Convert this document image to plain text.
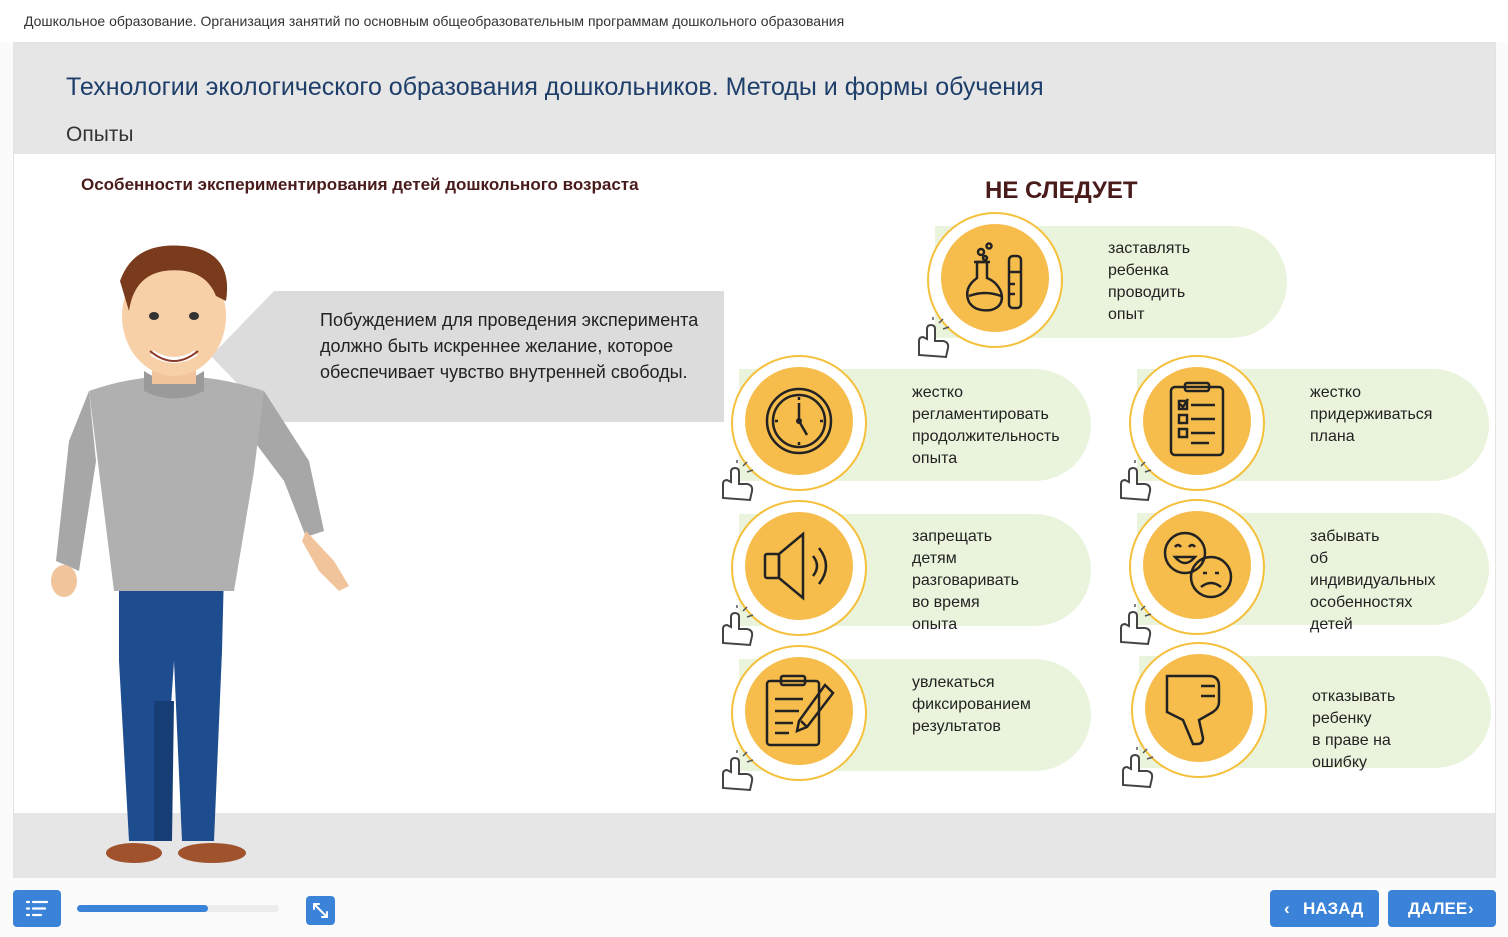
Дошкольное образование. Организация занятий по основным общеобразовательным программам дошкольного образования
Технологии экологического образования дошкольников. Методы и формы обучения
Опыты
Особенности экспериментирования детей дошкольного возраста
Побуждением для проведения эксперимента должно быть искреннее желание, которое обеспечивает чувство внутренней свободы.
НЕ СЛЕДУЕТ
заставлять
ребенка
проводить
опыт
жестко
регламентировать
продолжительность
опыта
жестко
придерживаться
плана
запрещать детям
разговаривать
во время опыта
забывать
об индивидуальных
особенностях
детей
увлекаться
фиксированием
результатов
отказывать ребенку
в праве на ошибку
‹ НАЗАД	ДАЛЕЕ ›
